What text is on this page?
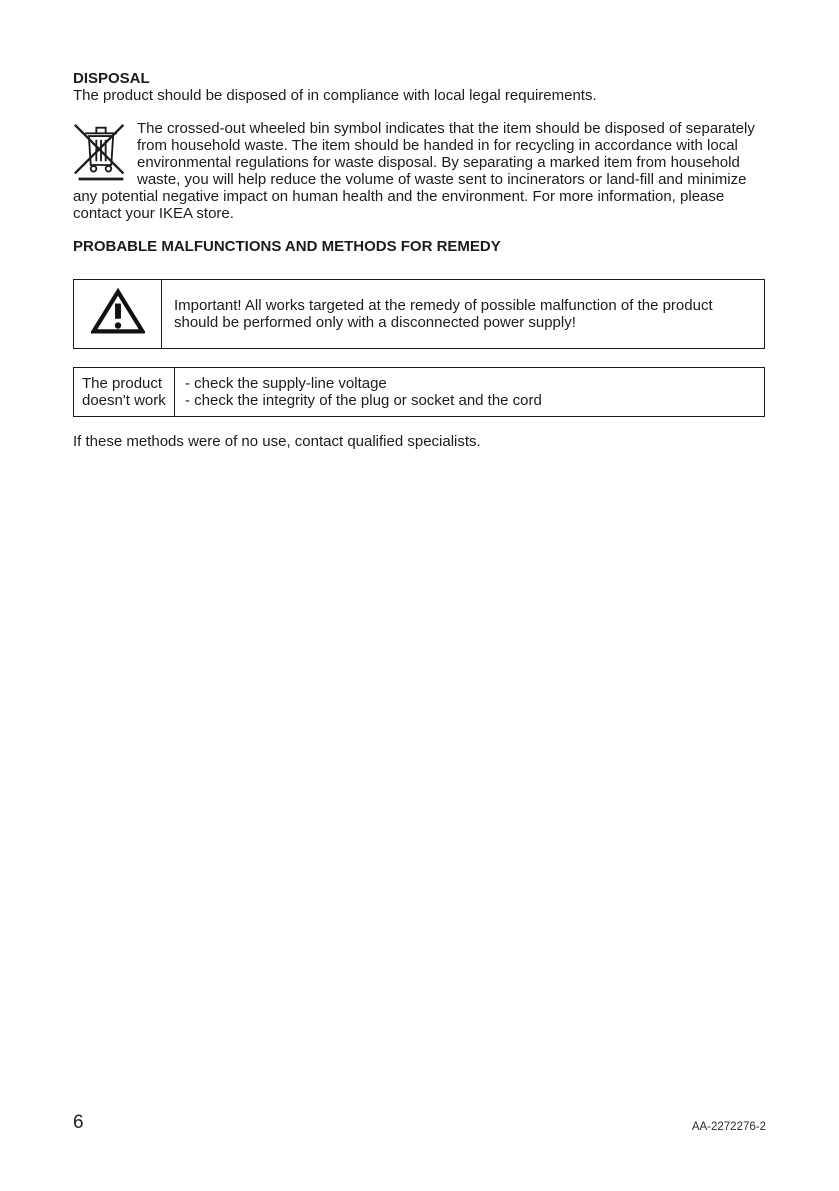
DISPOSAL
The product should be disposed of in compliance with local legal requirements.
The crossed-out wheeled bin symbol indicates that the item should be disposed of separately from household waste. The item should be handed in for recycling in accordance with local environmental regulations for waste disposal. By separating a marked item from household waste, you will help reduce the volume of waste sent to incinerators or land-fill and minimize any potential negative impact on human health and the environment. For more information, please contact your IKEA store.
PROBABLE MALFUNCTIONS AND METHODS FOR REMEDY
Important! All works targeted at the remedy of possible malfunction of the product should be performed only with a disconnected power supply!
The product
doesn't work
- check the supply-line voltage
- check the integrity of the plug or socket and the cord
If these methods were of no use, contact qualified specialists.
6	AA-2272276-2
